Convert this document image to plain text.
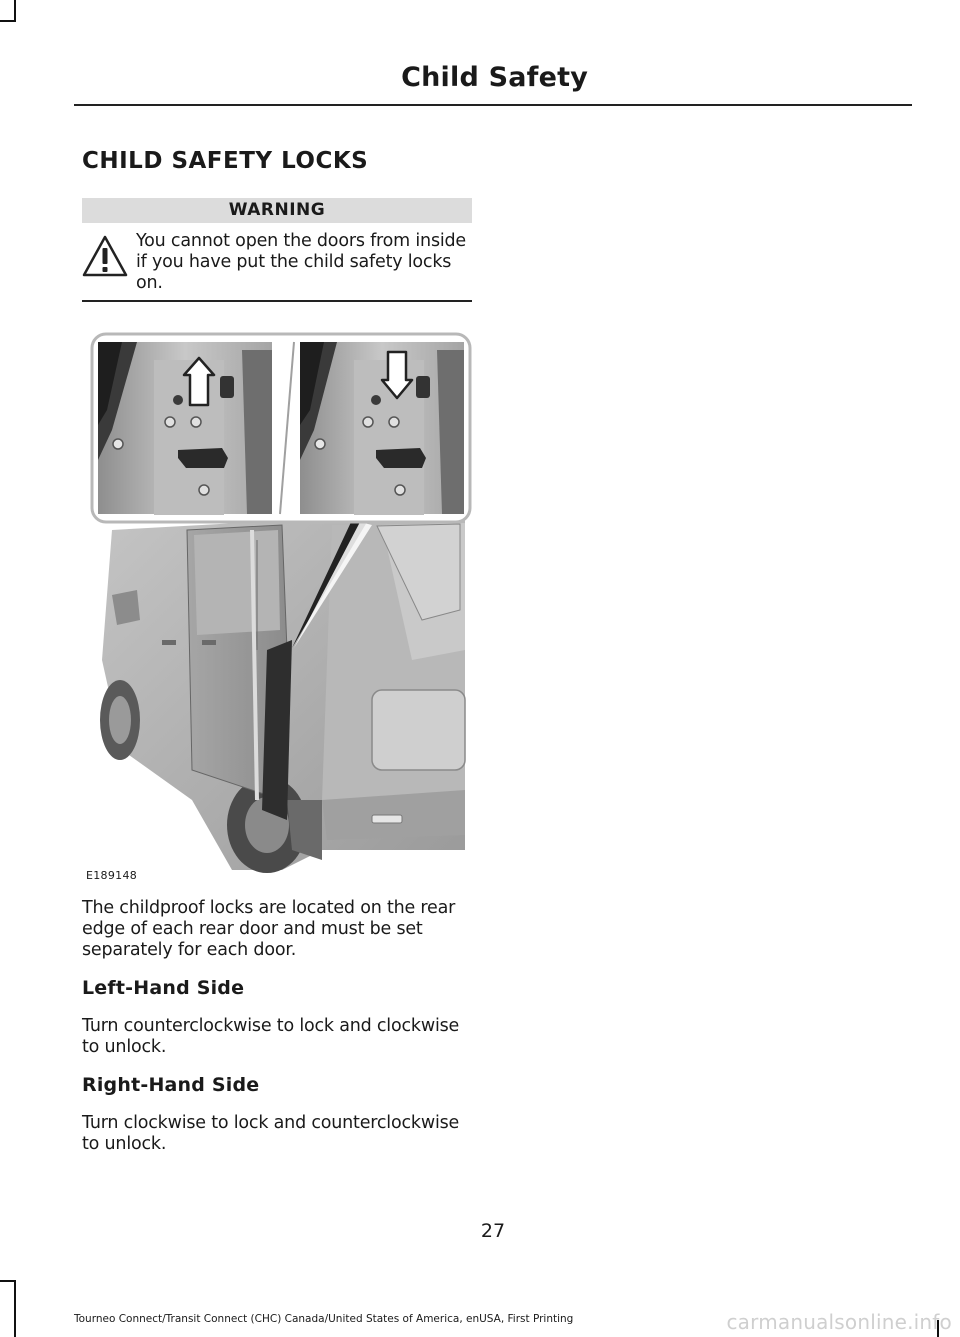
Child Safety
CHILD SAFETY LOCKS
WARNING
You cannot open the doors from inside if you have put the child safety locks on.
E189148
The childproof locks are located on the rear edge of each rear door and must be set separately for each door.
Left-Hand Side
Turn counterclockwise to lock and clockwise to unlock.
Right-Hand Side
Turn clockwise to lock and counterclockwise to unlock.
27
Tourneo Connect/Transit Connect (CHC) Canada/United States of America, enUSA, First Printing	carmanualsonline.info
